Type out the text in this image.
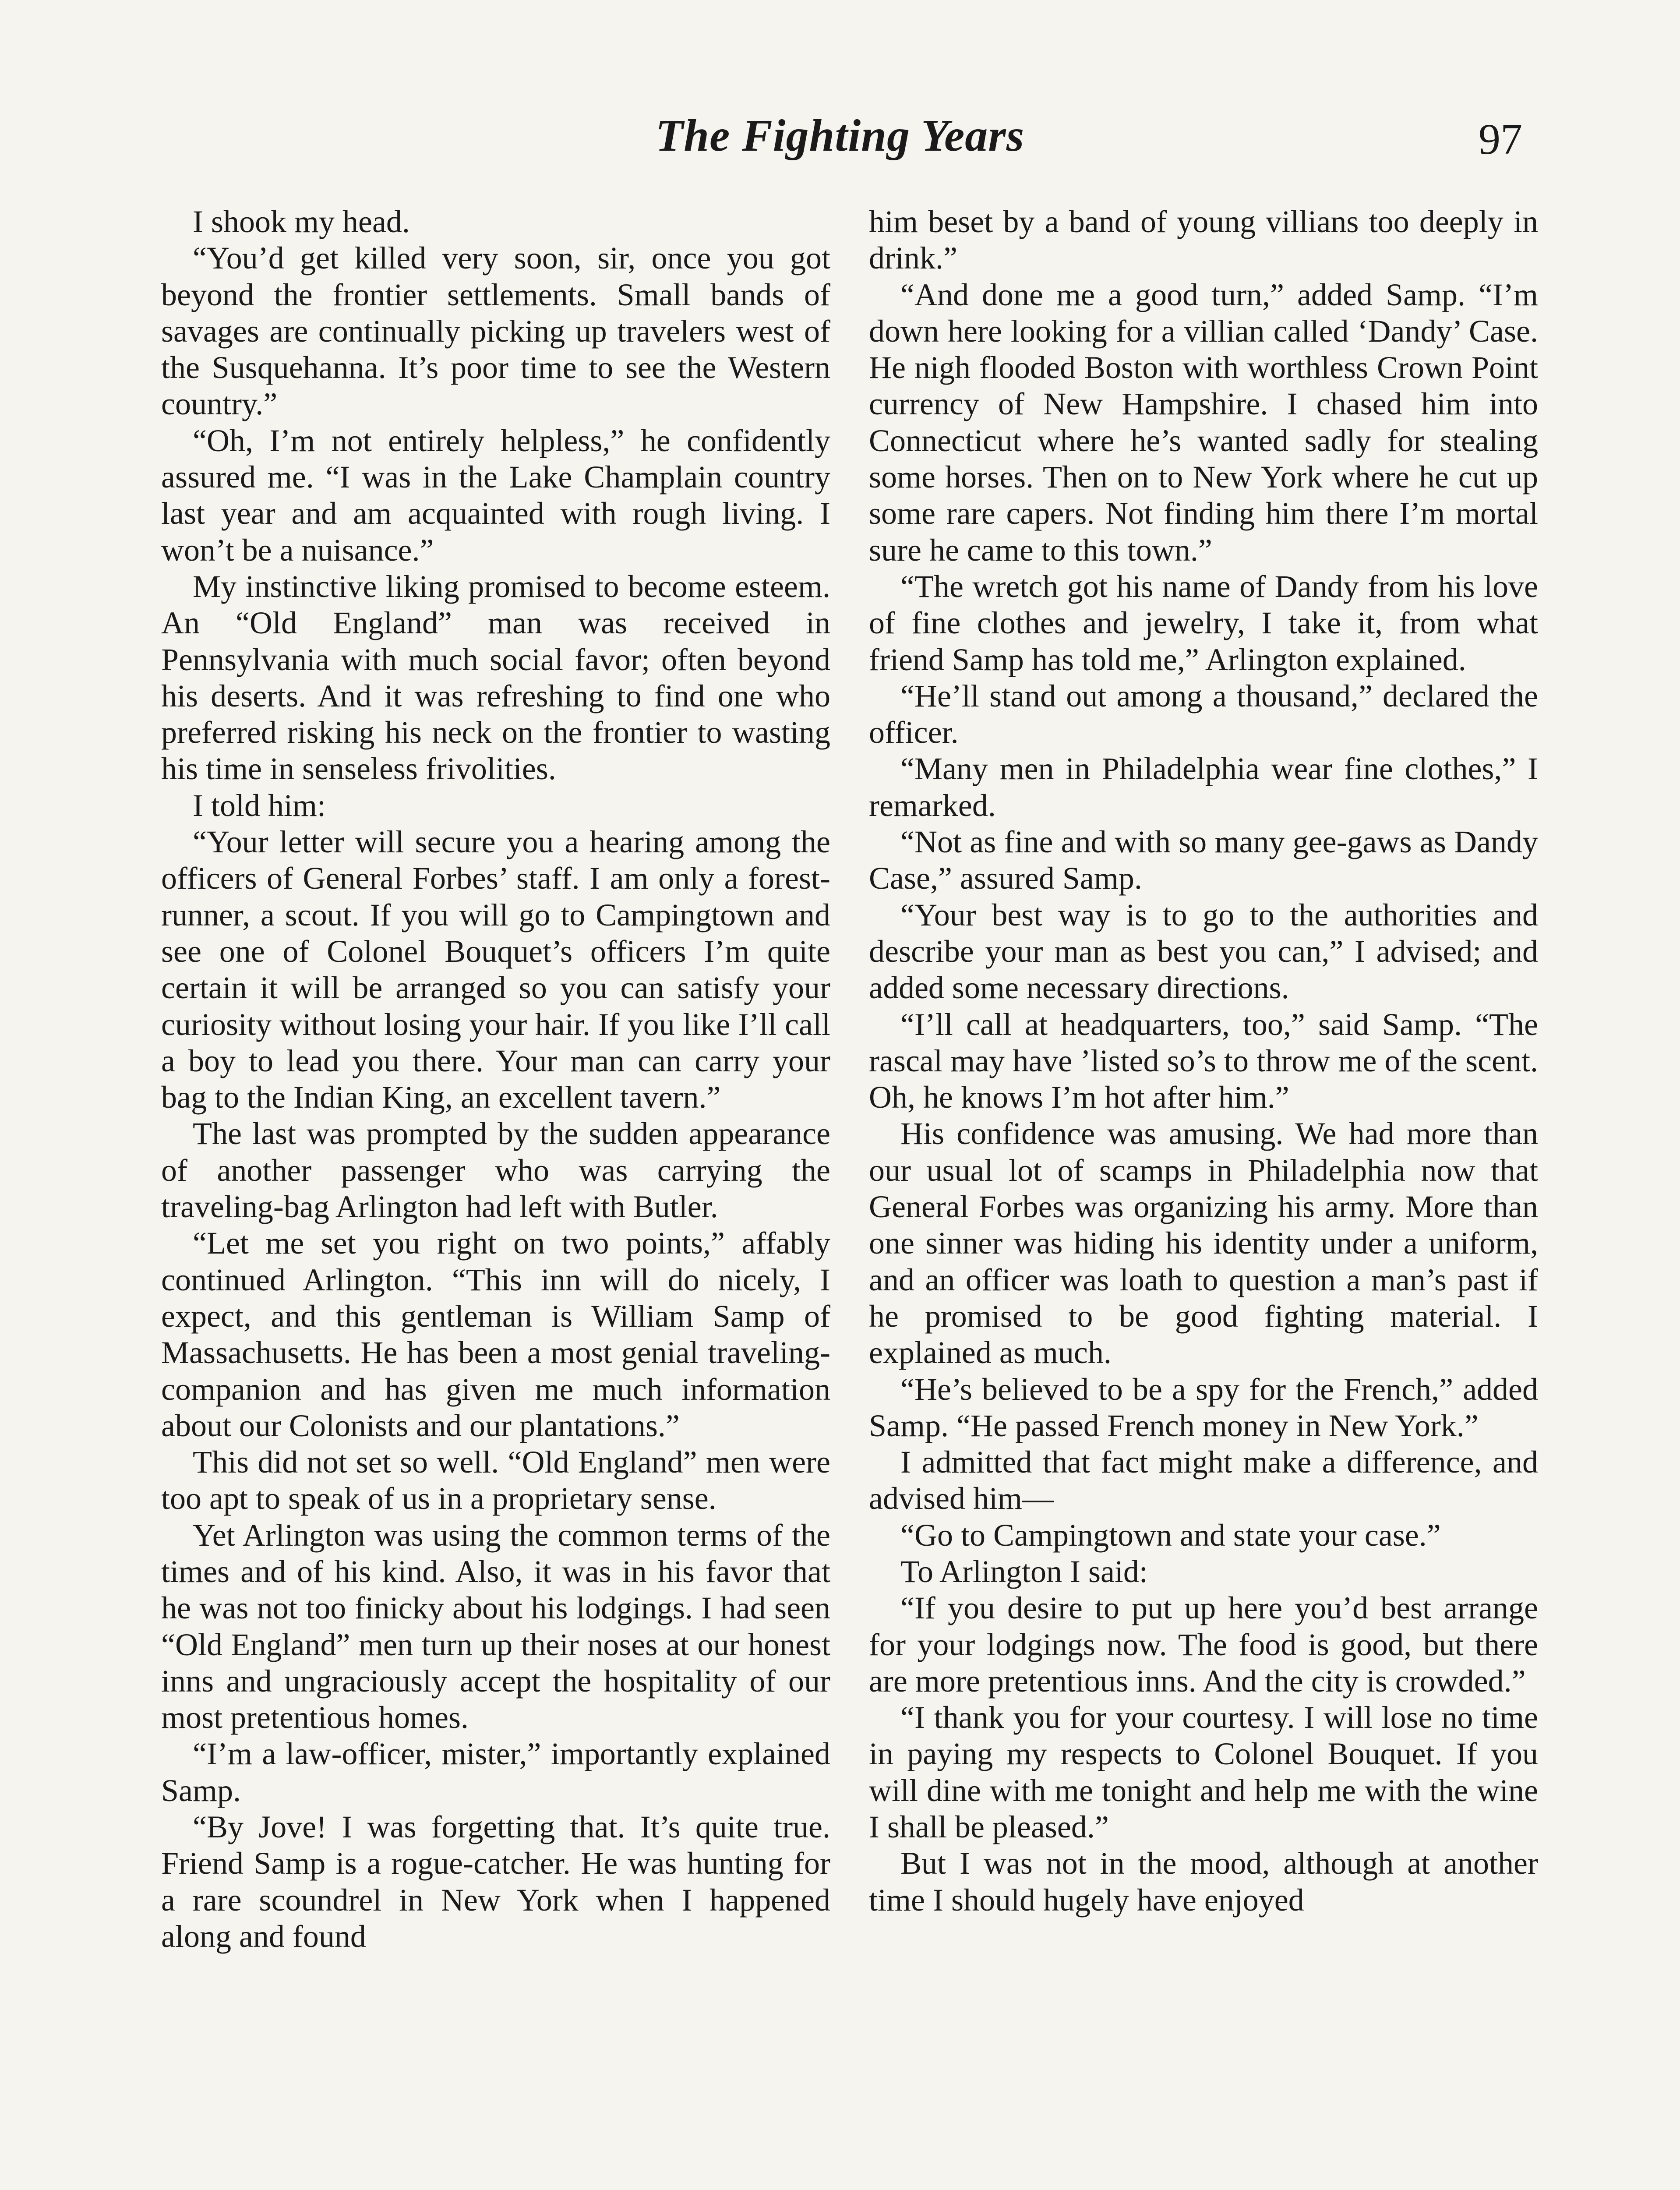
The Fighting Years	97

I shook my head.

“You’d get killed very soon, sir, once you got beyond the frontier settlements. Small bands of savages are continually picking up travelers west of the Susquehanna. It’s poor time to see the Western country.”

“Oh, I’m not entirely helpless,” he confidently assured me. “I was in the Lake Champlain country last year and am acquainted with rough living. I won’t be a nuisance.”

My instinctive liking promised to become esteem. An “Old England” man was received in Pennsylvania with much social favor; often beyond his deserts. And it was refreshing to find one who preferred risking his neck on the frontier to wasting his time in senseless frivolities.

I told him:

“Your letter will secure you a hearing among the officers of General Forbes’ staff. I am only a forest-runner, a scout. If you will go to Campingtown and see one of Colonel Bouquet’s officers I’m quite certain it will be arranged so you can satisfy your curiosity without losing your hair. If you like I’ll call a boy to lead you there. Your man can carry your bag to the Indian King, an excellent tavern.”

The last was prompted by the sudden appearance of another passenger who was carrying the traveling-bag Arlington had left with Butler.

“Let me set you right on two points,” affably continued Arlington. “This inn will do nicely, I expect, and this gentleman is William Samp of Massachusetts. He has been a most genial traveling-companion and has given me much information about our Colonists and our plantations.”

This did not set so well. “Old England” men were too apt to speak of us in a proprietary sense.

Yet Arlington was using the common terms of the times and of his kind. Also, it was in his favor that he was not too finicky about his lodgings. I had seen “Old England” men turn up their noses at our honest inns and ungraciously accept the hospitality of our most pretentious homes.

“I’m a law-officer, mister,” importantly explained Samp.

“By Jove! I was forgetting that. It’s quite true. Friend Samp is a rogue-catcher. He was hunting for a rare scoundrel in New York when I happened along and found

him beset by a band of young villians too deeply in drink.”

“And done me a good turn,” added Samp. “I’m down here looking for a villian called ‘Dandy’ Case. He nigh flooded Boston with worthless Crown Point currency of New Hampshire. I chased him into Connecticut where he’s wanted sadly for stealing some horses. Then on to New York where he cut up some rare capers. Not finding him there I’m mortal sure he came to this town.”

“The wretch got his name of Dandy from his love of fine clothes and jewelry, I take it, from what friend Samp has told me,” Arlington explained.

“He’ll stand out among a thousand,” declared the officer.

“Many men in Philadelphia wear fine clothes,” I remarked.

“Not as fine and with so many gee-gaws as Dandy Case,” assured Samp.

“Your best way is to go to the authorities and describe your man as best you can,” I advised; and added some necessary directions.

“I’ll call at headquarters, too,” said Samp. “The rascal may have ’listed so’s to throw me of the scent. Oh, he knows I’m hot after him.”

His confidence was amusing. We had more than our usual lot of scamps in Philadelphia now that General Forbes was organizing his army. More than one sinner was hiding his identity under a uniform, and an officer was loath to question a man’s past if he promised to be good fighting material. I explained as much.

“He’s believed to be a spy for the French,” added Samp. “He passed French money in New York.”

I admitted that fact might make a difference, and advised him—

“Go to Campingtown and state your case.”

To Arlington I said:

“If you desire to put up here you’d best arrange for your lodgings now. The food is good, but there are more pretentious inns. And the city is crowded.”

“I thank you for your courtesy. I will lose no time in paying my respects to Colonel Bouquet. If you will dine with me tonight and help me with the wine I shall be pleased.”

But I was not in the mood, although at another time I should hugely have enjoyed
